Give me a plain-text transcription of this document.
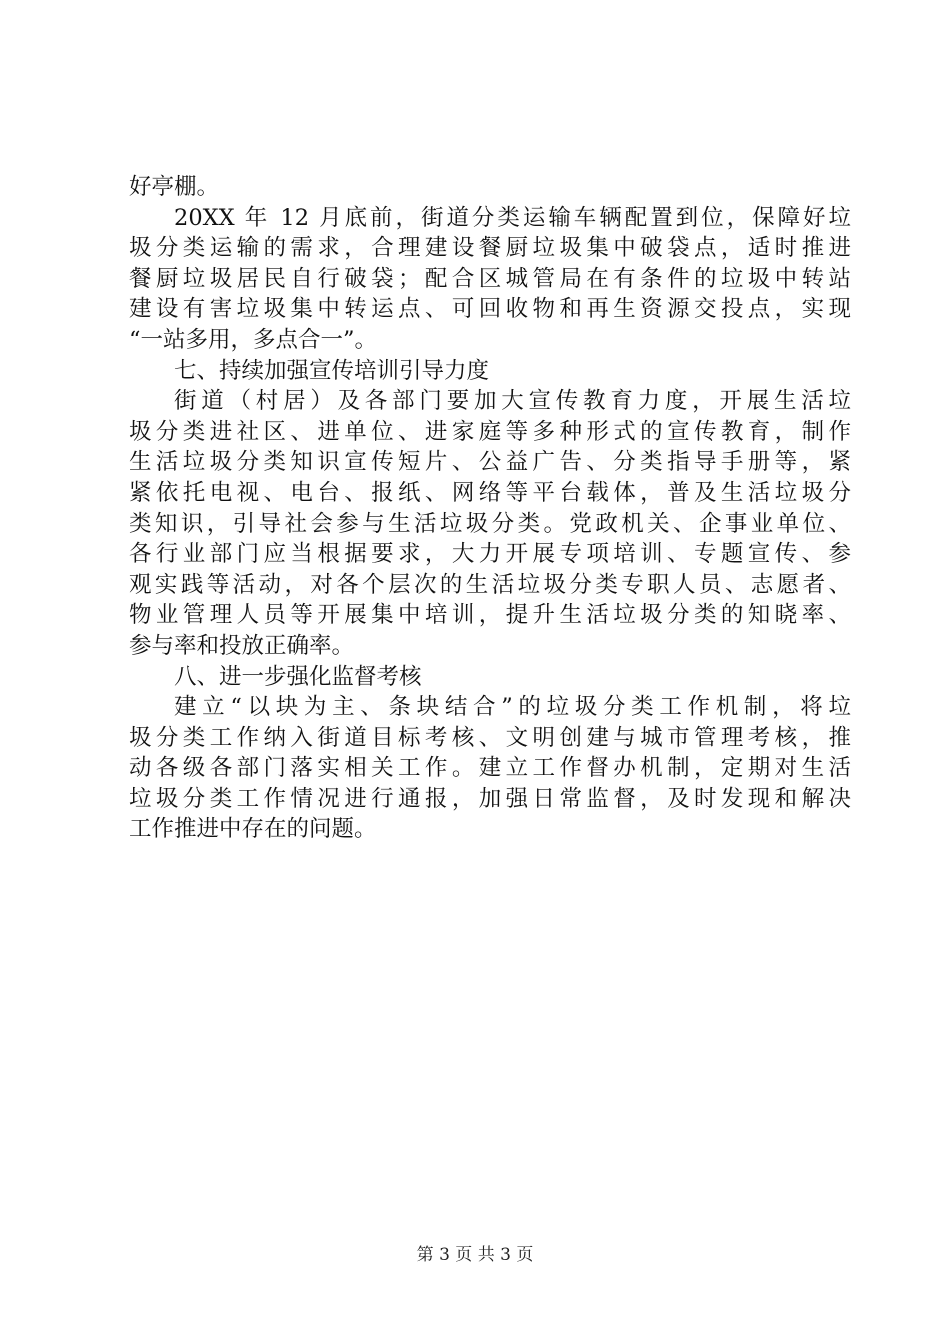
好亭棚。
20XX 年 12 月底前，街道分类运输车辆配置到位，保障好垃
圾分类运输的需求，合理建设餐厨垃圾集中破袋点，适时推进
餐厨垃圾居民自行破袋；配合区城管局在有条件的垃圾中转站
建设有害垃圾集中转运点、可回收物和再生资源交投点，实现
“一站多用，多点合一”。
七、持续加强宣传培训引导力度
街道（村居）及各部门要加大宣传教育力度，开展生活垃
圾分类进社区、进单位、进家庭等多种形式的宣传教育，制作
生活垃圾分类知识宣传短片、公益广告、分类指导手册等，紧
紧依托电视、电台、报纸、网络等平台载体，普及生活垃圾分
类知识，引导社会参与生活垃圾分类。党政机关、企事业单位、
各行业部门应当根据要求，大力开展专项培训、专题宣传、参
观实践等活动，对各个层次的生活垃圾分类专职人员、志愿者、
物业管理人员等开展集中培训，提升生活垃圾分类的知晓率、
参与率和投放正确率。
八、进一步强化监督考核
建立“以块为主、条块结合”的垃圾分类工作机制，将垃
圾分类工作纳入街道目标考核、文明创建与城市管理考核，推
动各级各部门落实相关工作。建立工作督办机制，定期对生活
垃圾分类工作情况进行通报，加强日常监督，及时发现和解决
工作推进中存在的问题。
第 3 页 共 3 页
